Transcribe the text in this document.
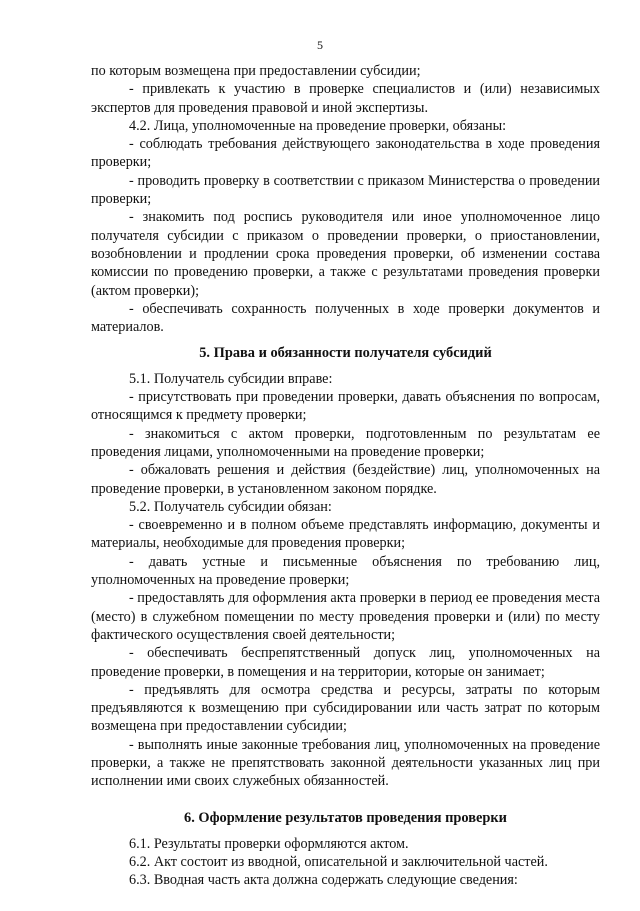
5

по которым возмещена при предоставлении субсидии;

- привлекать к участию в проверке специалистов и (или) независимых экспертов для проведения правовой и иной экспертизы.

4.2. Лица, уполномоченные на проведение проверки, обязаны:

- соблюдать требования действующего законодательства в ходе проведения проверки;

- проводить проверку в соответствии с приказом Министерства о проведении проверки;

- знакомить под роспись руководителя или иное уполномоченное лицо получателя субсидии с приказом о проведении проверки, о приостановлении, возобновлении и продлении срока проведения проверки, об изменении состава комиссии по проведению проверки, а также с результатами проведения проверки (актом проверки);

- обеспечивать сохранность полученных в ходе проверки документов и материалов.

5. Права и обязанности получателя субсидий

5.1. Получатель субсидии вправе:

- присутствовать при проведении проверки, давать объяснения по вопросам, относящимся к предмету проверки;

- знакомиться с актом проверки, подготовленным по результатам ее проведения лицами, уполномоченными на проведение проверки;

- обжаловать решения и действия (бездействие) лиц, уполномоченных на проведение проверки, в установленном законом порядке.

5.2. Получатель субсидии обязан:

- своевременно и в полном объеме представлять информацию, документы и материалы, необходимые для проведения проверки;

- давать устные и письменные объяснения по требованию лиц, уполномоченных на проведение проверки;

- предоставлять для оформления акта проверки в период ее проведения места (место) в служебном помещении по месту проведения проверки и (или) по месту фактического осуществления своей деятельности;

- обеспечивать беспрепятственный допуск лиц, уполномоченных на проведение проверки, в помещения и на территории, которые он занимает;

- предъявлять для осмотра средства и ресурсы, затраты по которым предъявляются к возмещению при субсидировании или часть затрат по которым возмещена при предоставлении субсидии;

- выполнять иные законные требования лиц, уполномоченных на проведение проверки, а также не препятствовать законной деятельности указанных лиц при исполнении ими своих служебных обязанностей.

6. Оформление результатов проведения проверки

6.1. Результаты проверки оформляются актом.

6.2. Акт состоит из вводной, описательной и заключительной частей.

6.3. Вводная часть акта должна содержать следующие сведения:
